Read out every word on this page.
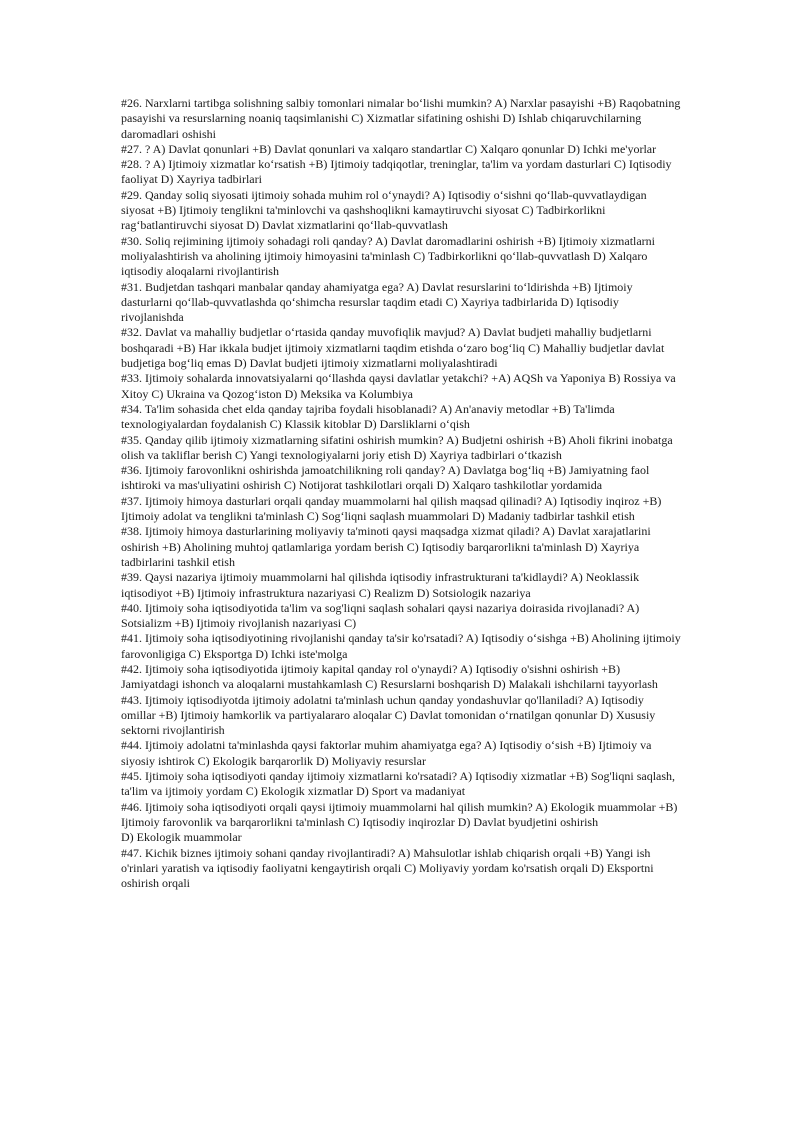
#26. Narxlarni tartibga solishning salbiy tomonlari nimalar bo‘lishi mumkin? A) Narxlar pasayishi +B) Raqobatning pasayishi va resurslarning noaniq taqsimlanishi C) Xizmatlar sifatining oshishi D) Ishlab chiqaruvchilarning daromadlari oshishi

#27. ? A) Davlat qonunlari +B) Davlat qonunlari va xalqaro standartlar C) Xalqaro qonunlar D) Ichki me'yorlar

#28. ? A) Ijtimoiy xizmatlar ko‘rsatish +B) Ijtimoiy tadqiqotlar, treninglar, ta'lim va yordam dasturlari C) Iqtisodiy faoliyat D) Xayriya tadbirlari

#29. Qanday soliq siyosati ijtimoiy sohada muhim rol o‘ynaydi? A) Iqtisodiy o‘sishni qo‘llab-quvvatlaydigan siyosat +B) Ijtimoiy tenglikni ta'minlovchi va qashshoqlikni kamaytiruvchi siyosat C) Tadbirkorlikni rag‘batlantiruvchi siyosat D) Davlat xizmatlarini qo‘llab-quvvatlash

#30. Soliq rejimining ijtimoiy sohadagi roli qanday? A) Davlat daromadlarini oshirish +B) Ijtimoiy xizmatlarni moliyalashtirish va aholining ijtimoiy himoyasini ta'minlash C) Tadbirkorlikni qo‘llab-quvvatlash D) Xalqaro iqtisodiy aloqalarni rivojlantirish

#31. Budjetdan tashqari manbalar qanday ahamiyatga ega? A) Davlat resurslarini to‘ldirishda +B) Ijtimoiy dasturlarni qo‘llab-quvvatlashda qo‘shimcha resurslar taqdim etadi C) Xayriya tadbirlarida D) Iqtisodiy rivojlanishda

#32. Davlat va mahalliy budjetlar o‘rtasida qanday muvofiqlik mavjud? A) Davlat budjeti mahalliy budjetlarni boshqaradi +B) Har ikkala budjet ijtimoiy xizmatlarni taqdim etishda o‘zaro bog‘liq C) Mahalliy budjetlar davlat budjetiga bog‘liq emas D) Davlat budjeti ijtimoiy xizmatlarni moliyalashtiradi

#33. Ijtimoiy sohalarda innovatsiyalarni qo‘llashda qaysi davlatlar yetakchi? +A) AQSh va Yaponiya B) Rossiya va Xitoy C) Ukraina va Qozog‘iston D) Meksika va Kolumbiya

#34. Ta'lim sohasida chet elda qanday tajriba foydali hisoblanadi? A) An'anaviy metodlar +B) Ta'limda texnologiyalardan foydalanish C) Klassik kitoblar D) Darsliklarni o‘qish

#35. Qanday qilib ijtimoiy xizmatlarning sifatini oshirish mumkin? A) Budjetni oshirish +B) Aholi fikrini inobatga olish va takliflar berish C) Yangi texnologiyalarni joriy etish D) Xayriya tadbirlari o‘tkazish

#36. Ijtimoiy farovonlikni oshirishda jamoatchilikning roli qanday? A) Davlatga bog‘liq +B) Jamiyatning faol ishtiroki va mas'uliyatini oshirish C) Notijorat tashkilotlari orqali D) Xalqaro tashkilotlar yordamida

#37. Ijtimoiy himoya dasturlari orqali qanday muammolarni hal qilish maqsad qilinadi? A) Iqtisodiy inqiroz +B) Ijtimoiy adolat va tenglikni ta'minlash C) Sog‘liqni saqlash muammolari D) Madaniy tadbirlar tashkil etish

#38. Ijtimoiy himoya dasturlarining moliyaviy ta'minoti qaysi maqsadga xizmat qiladi? A) Davlat xarajatlarini oshirish +B) Aholining muhtoj qatlamlariga yordam berish C) Iqtisodiy barqarorlikni ta'minlash D) Xayriya tadbirlarini tashkil etish

#39. Qaysi nazariya ijtimoiy muammolarni hal qilishda iqtisodiy infrastrukturani ta'kidlaydi? A) Neoklassik iqtisodiyot +B) Ijtimoiy infrastruktura nazariyasi C) Realizm D) Sotsiologik nazariya

#40. Ijtimoiy soha iqtisodiyotida ta'lim va sog'liqni saqlash sohalari qaysi nazariya doirasida rivojlanadi? A) Sotsializm +B) Ijtimoiy rivojlanish nazariyasi C)

#41. Ijtimoiy soha iqtisodiyotining rivojlanishi qanday ta'sir ko'rsatadi? A) Iqtisodiy o‘sishga +B) Aholining ijtimoiy farovonligiga C) Eksportga D) Ichki iste'molga

#42. Ijtimoiy soha iqtisodiyotida ijtimoiy kapital qanday rol o'ynaydi? A) Iqtisodiy o'sishni oshirish +B) Jamiyatdagi ishonch va aloqalarni mustahkamlash C) Resurslarni boshqarish D) Malakali ishchilarni tayyorlash

#43. Ijtimoiy iqtisodiyotda ijtimoiy adolatni ta'minlash uchun qanday yondashuvlar qo'llaniladi? A) Iqtisodiy omillar +B) Ijtimoiy hamkorlik va partiyalararo aloqalar C) Davlat tomonidan o‘rnatilgan qonunlar D) Xususiy sektorni rivojlantirish

#44. Ijtimoiy adolatni ta'minlashda qaysi faktorlar muhim ahamiyatga ega? A) Iqtisodiy o‘sish +B) Ijtimoiy va siyosiy ishtirok C) Ekologik barqarorlik D) Moliyaviy resurslar

#45. Ijtimoiy soha iqtisodiyoti qanday ijtimoiy xizmatlarni ko'rsatadi? A) Iqtisodiy xizmatlar +B) Sog'liqni saqlash, ta'lim va ijtimoiy yordam C) Ekologik xizmatlar D) Sport va madaniyat

#46. Ijtimoiy soha iqtisodiyoti orqali qaysi ijtimoiy muammolarni hal qilish mumkin? A) Ekologik muammolar +B) Ijtimoiy farovonlik va barqarorlikni ta'minlash C) Iqtisodiy inqirozlar D) Davlat byudjetini oshirish

D) Ekologik muammolar

#47. Kichik biznes ijtimoiy sohani qanday rivojlantiradi? A) Mahsulotlar ishlab chiqarish orqali +B) Yangi ish o'rinlari yaratish va iqtisodiy faoliyatni kengaytirish orqali C) Moliyaviy yordam ko'rsatish orqali D) Eksportni oshirish orqali
